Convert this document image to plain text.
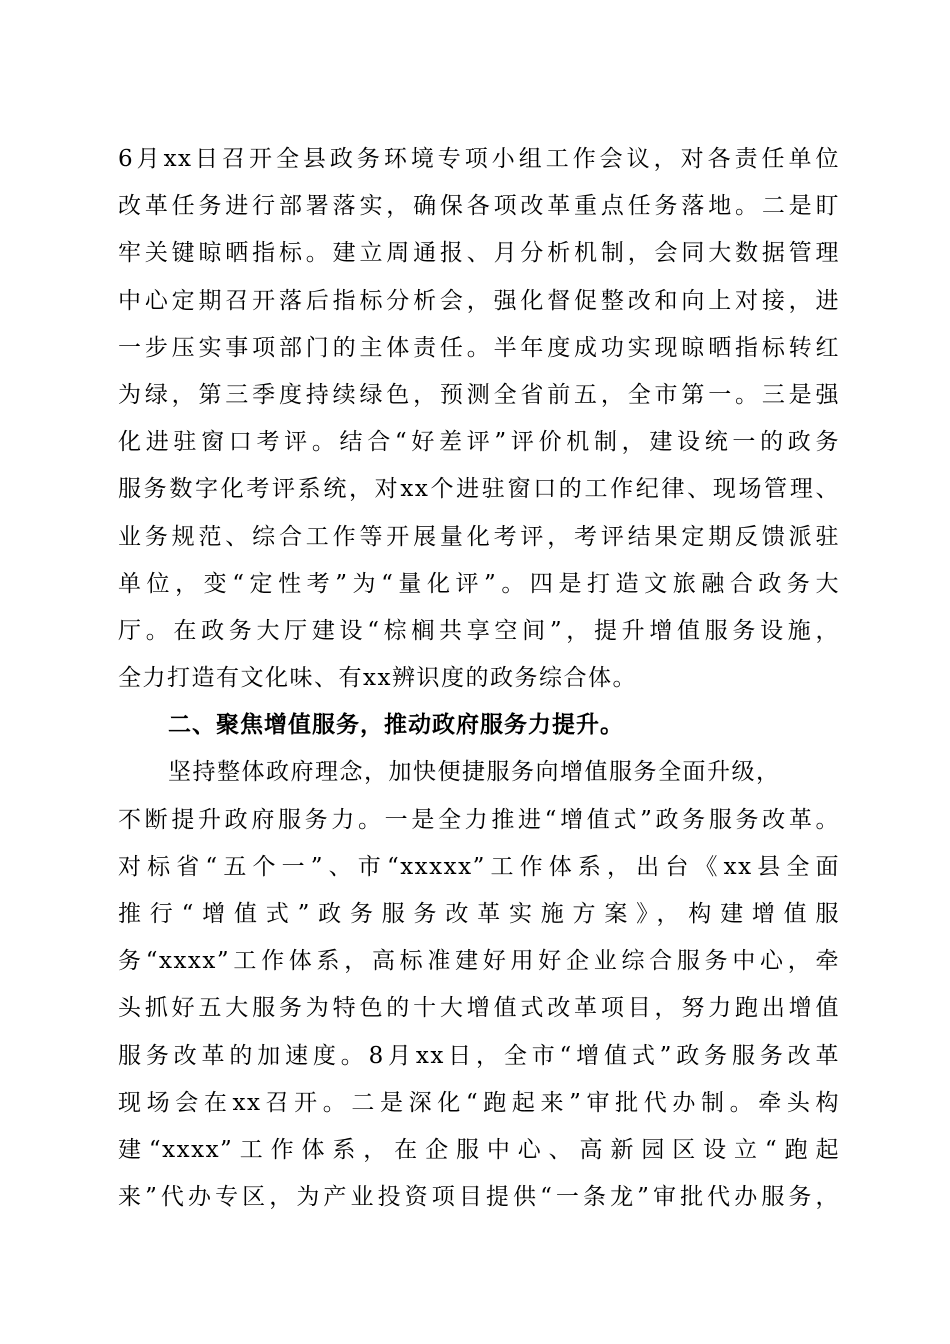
6月xx日召开全县政务环境专项小组工作会议，对各责任单位
改革任务进行部署落实，确保各项改革重点任务落地。二是盯
牢关键晾晒指标。建立周通报、月分析机制，会同大数据管理
中心定期召开落后指标分析会，强化督促整改和向上对接，进
一步压实事项部门的主体责任。半年度成功实现晾晒指标转红
为绿，第三季度持续绿色，预测全省前五，全市第一。三是强
化进驻窗口考评。结合“好差评”评价机制，建设统一的政务
服务数字化考评系统，对xx个进驻窗口的工作纪律、现场管理、
业务规范、综合工作等开展量化考评，考评结果定期反馈派驻
单位，变“定性考”为“量化评”。四是打造文旅融合政务大
厅。在政务大厅建设“棕榈共享空间”，提升增值服务设施，
全力打造有文化味、有xx辨识度的政务综合体。
二、聚焦增值服务，推动政府服务力提升。
坚持整体政府理念，加快便捷服务向增值服务全面升级，
不断提升政府服务力。一是全力推进“增值式”政务服务改革。
对标省“五个一”、市“xxxxx”工作体系，出台《xx县全面
推行“增值式”政务服务改革实施方案》，构建增值服
务“xxxx”工作体系，高标准建好用好企业综合服务中心，牵
头抓好五大服务为特色的十大增值式改革项目，努力跑出增值
服务改革的加速度。8月xx日，全市“增值式”政务服务改革
现场会在xx召开。二是深化“跑起来”审批代办制。牵头构
建“xxxx”工作体系，在企服中心、高新园区设立“跑起
来”代办专区，为产业投资项目提供“一条龙”审批代办服务，
